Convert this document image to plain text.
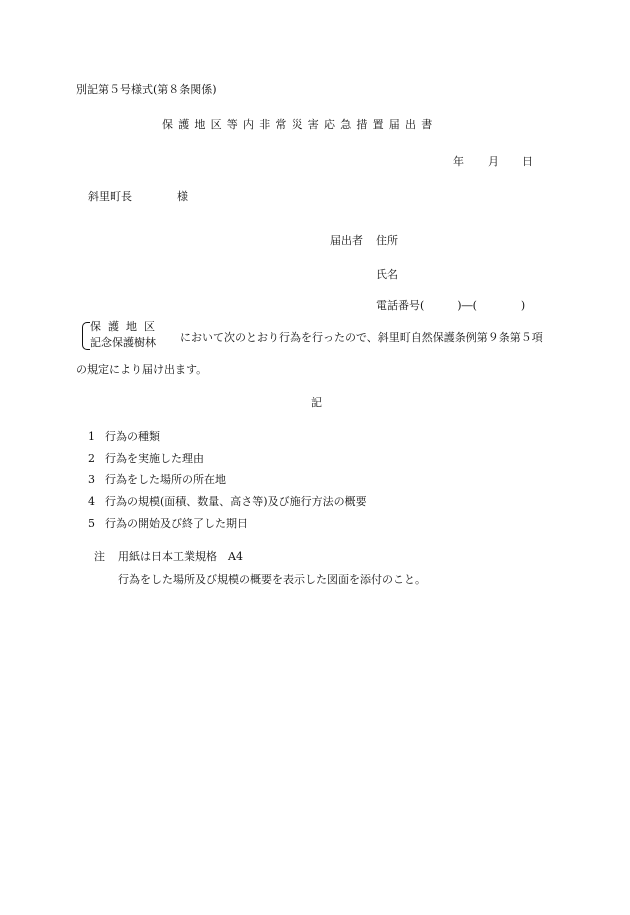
別記第５号様式(第８条関係)
保護地区等内非常災害応急措置届出書
年 月 日
斜里町長	様
届出者 住所
氏名
電話番号(　　　)―(　　　　)
保護地区
記念保護樹林 において次のとおり行為を行ったので、斜里町自然保護条例第９条第５項
の規定により届け出ます。
記
1 行為の種類
2 行為を実施した理由
3 行為をした場所の所在地
4 行為の規模(面積、数量、高さ等)及び施行方法の概要
5 行為の開始及び終了した期日
注 用紙は日本工業規格　A4
行為をした場所及び規模の概要を表示した図面を添付のこと。
